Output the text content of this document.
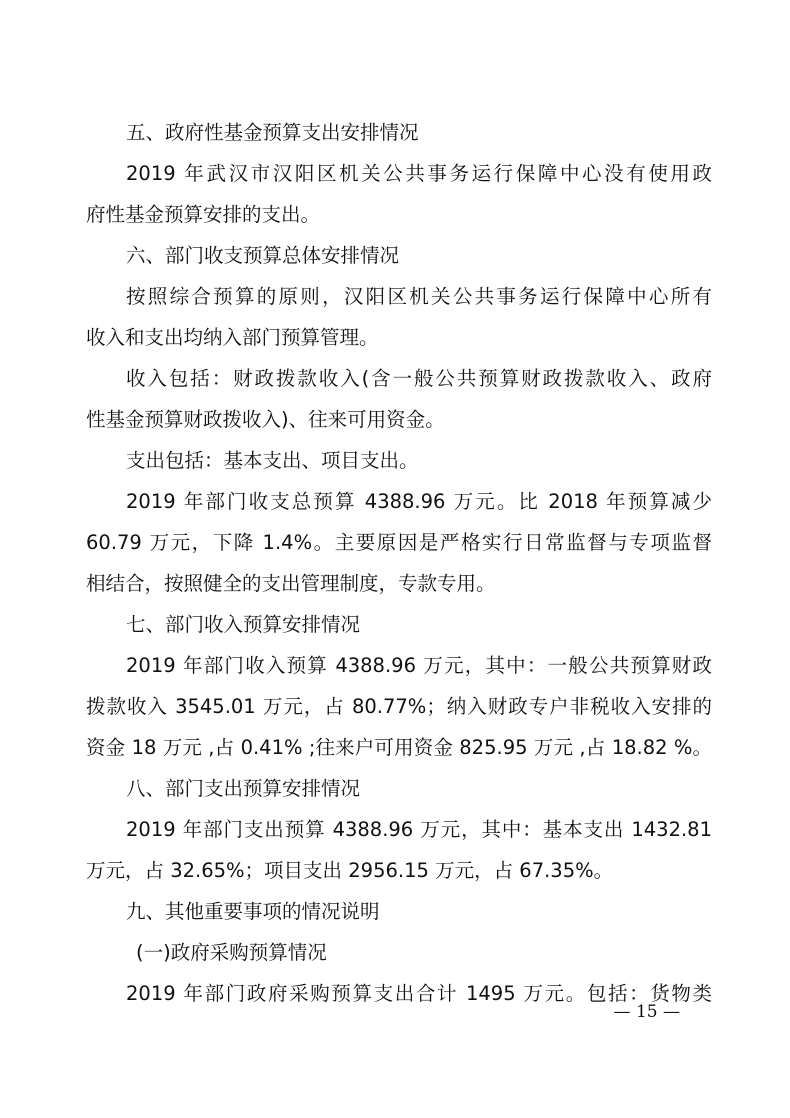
五、政府性基金预算支出安排情况
2019 年武汉市汉阳区机关公共事务运行保障中心没有使用政
府性基金预算安排的支出。
六、部门收支预算总体安排情况
按照综合预算的原则，汉阳区机关公共事务运行保障中心所有
收入和支出均纳入部门预算管理。
收入包括：财政拨款收入(含一般公共预算财政拨款收入、政府
性基金预算财政拨收入)、往来可用资金。
支出包括：基本支出、项目支出。
2019 年部门收支总预算 4388.96 万元。比 2018 年预算减少
60.79 万元，下降 1.4%。主要原因是严格实行日常监督与专项监督
相结合，按照健全的支出管理制度，专款专用。
七、部门收入预算安排情况
2019 年部门收入预算 4388.96 万元，其中：一般公共预算财政
拨款收入 3545.01 万元，占 80.77%；纳入财政专户非税收入安排的
资金 18 万元 ,占 0.41% ;往来户可用资金 825.95 万元 ,占 18.82 %。
八、部门支出预算安排情况
2019 年部门支出预算 4388.96 万元，其中：基本支出 1432.81
万元，占 32.65%；项目支出 2956.15 万元，占 67.35%。
九、其他重要事项的情况说明
(一)政府采购预算情况
2019 年部门政府采购预算支出合计 1495 万元。包括：货物类
— 15 —
